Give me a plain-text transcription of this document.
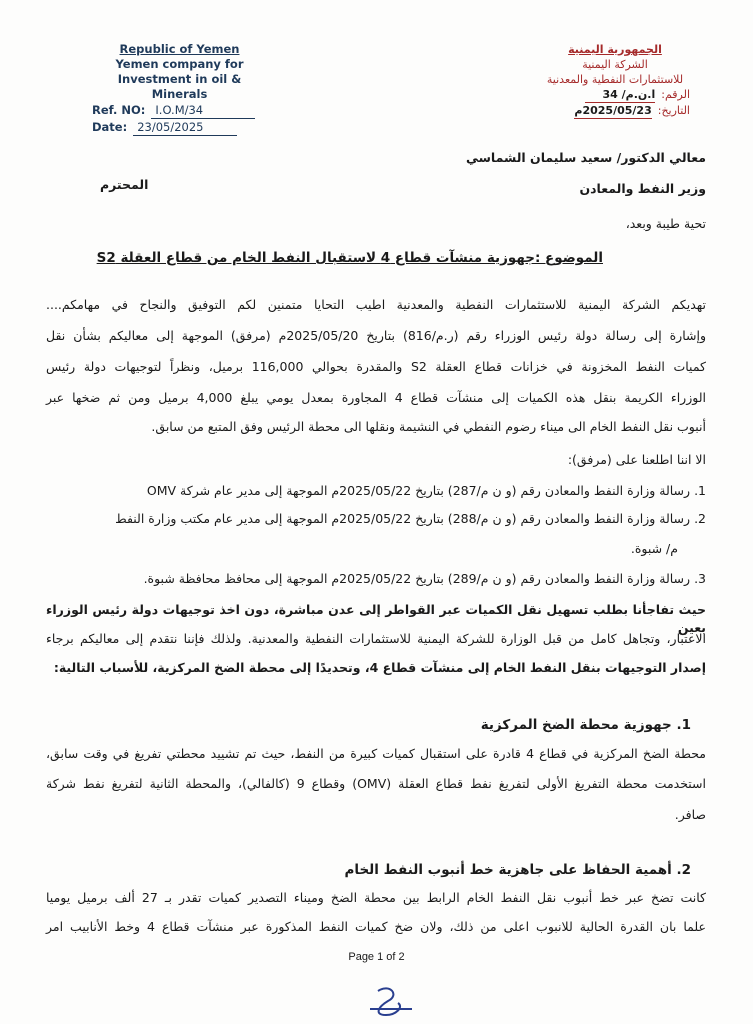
Republic of Yemen
Yemen company for
Investment in oil & Minerals
Ref. NO: I.O.M/34
Date: 23/05/2025
الجمهورية اليمنية
الشركة اليمنية
للاستثمارات النفطية والمعدنية
الرقم:
ا.ن.م/ 34
التاريخ:
2025/05/23م
معالي الدكتور/ سعيد سليمان الشماسي
وزير النفط والمعادن
المحترم
تحية طيبة وبعد،
الموضوع :جهوزية منشآت قطاع 4 لاستقبال النفط الخام من قطاع العقلة S2
تهديكم الشركة اليمنية للاستثمارات النفطية والمعدنية اطيب التحايا متمنين لكم التوفيق والنجاح في مهامكم....
وإشارة إلى رسالة دولة رئيس الوزراء رقم (ر.م/816) بتاريخ 2025/05/20م (مرفق) الموجهة إلى معاليكم بشأن نقل
كميات النفط المخزونة في خزانات قطاع العقلة S2 والمقدرة بحوالي 116,000 برميل، ونظراً لتوجيهات دولة رئيس
الوزراء الكريمة بنقل هذه الكميات إلى منشآت قطاع 4 المجاورة بمعدل يومي يبلغ 4,000 برميل ومن ثم ضخها عبر
أنبوب نقل النفط الخام الى ميناء رضوم النفطي في النشيمة ونقلها الى محطة الرئيس وفق المتبع من سابق.
الا اننا اطلعنا على (مرفق):
1. رسالة وزارة النفط والمعادن رقم (و ن م/287) بتاريخ 2025/05/22م الموجهة إلى مدير عام شركة OMV
2. رسالة وزارة النفط والمعادن رقم (و ن م/288) بتاريخ 2025/05/22م الموجهة إلى مدير عام مكتب وزارة النفط
م/ شبوة.
3. رسالة وزارة النفط والمعادن رقم (و ن م/289) بتاريخ 2025/05/22م الموجهة إلى محافظ محافظة شبوة.
حيث تفاجأنا بطلب تسهيل نقل الكميات عبر القواطر إلى عدن مباشرة، دون اخذ توجيهات دولة رئيس الوزراء بعين
الاعتبار، وتجاهل كامل من قبل الوزارة للشركة اليمنية للاستثمارات النفطية والمعدنية. ولذلك فإننا نتقدم إلى معاليكم برجاء
إصدار التوجيهات بنقل النفط الخام إلى منشآت قطاع 4، وتحديدًا إلى محطة الضخ المركزية، للأسباب التالية:
1. جهوزية محطة الضخ المركزية
محطة الضخ المركزية في قطاع 4 قادرة على استقبال كميات كبيرة من النفط، حيث تم تشييد محطتي تفريغ في وقت سابق،
استخدمت محطة التفريغ الأولى لتفريغ نفط قطاع العقلة (OMV) وقطاع 9 (كالفالي)، والمحطة الثانية لتفريغ نفط شركة
صافر.
2. أهمية الحفاظ على جاهزية خط أنبوب النفط الخام
كانت تضخ عبر خط أنبوب نقل النفط الخام الرابط بين محطة الضخ وميناء التصدير كميات تقدر بـ 27 ألف برميل يوميا
علما بان القدرة الحالية للانبوب اعلى من ذلك، ولان ضخ كميات النفط المذكورة عبر منشآت قطاع 4 وخط الأنابيب امر
Page 1 of 2
